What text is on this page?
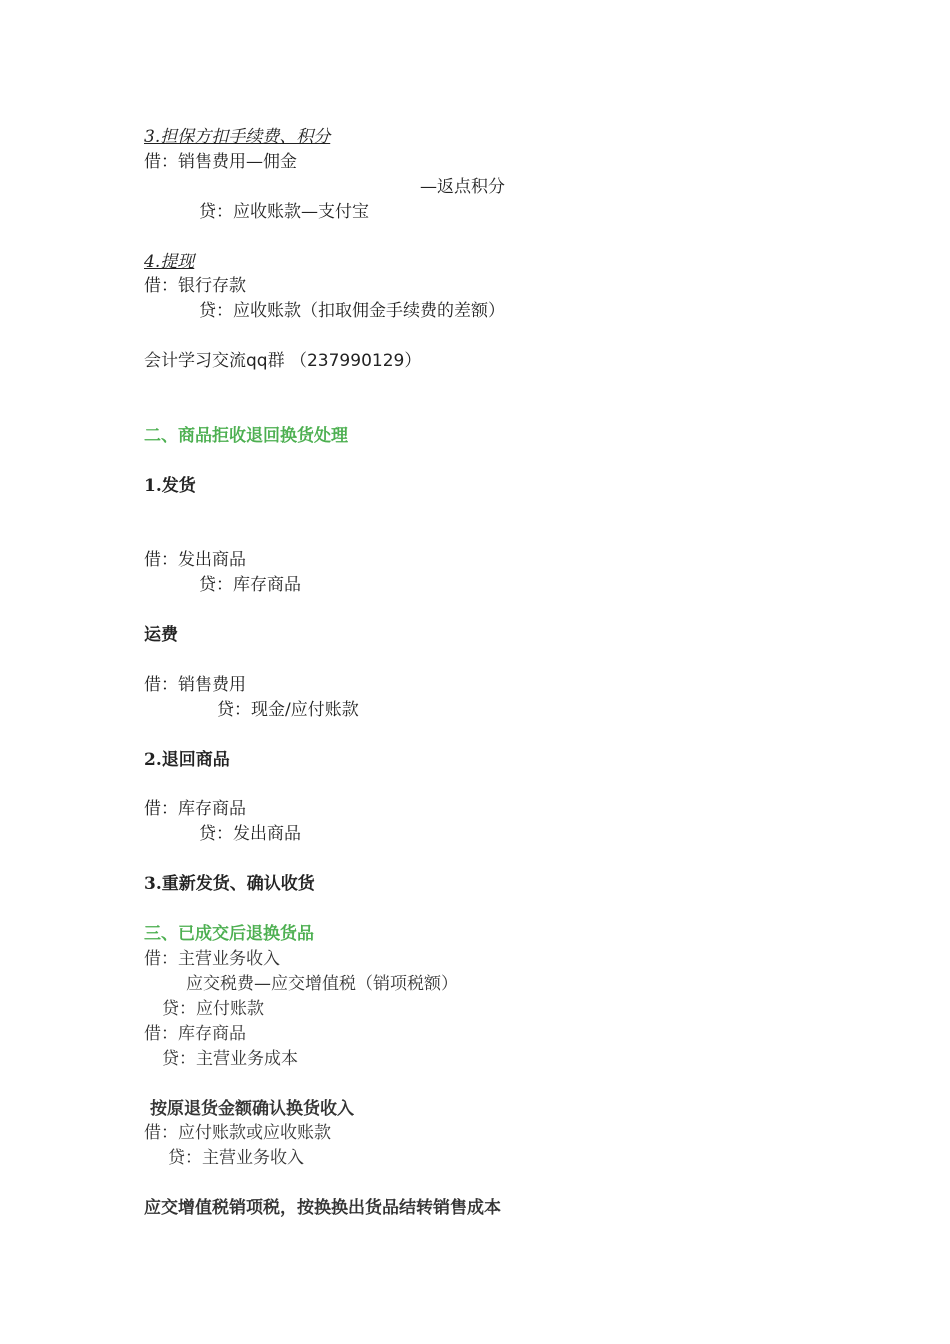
3.担保方扣手续费、积分
借：销售费用—佣金
—返点积分
贷：应收账款—支付宝
4.提现
借：银行存款
贷：应收账款（扣取佣金手续费的差额）
会计学习交流qq群 （237990129）
二、商品拒收退回换货处理
1.发货
借：发出商品
贷：库存商品
运费
借：销售费用
贷：现金/应付账款
2.退回商品
借：库存商品
贷：发出商品
3.重新发货、确认收货
三、已成交后退换货品
借：主营业务收入
应交税费—应交增值税（销项税额）
贷：应付账款
借：库存商品
贷：主营业务成本
按原退货金额确认换货收入
借：应付账款或应收账款
贷：主营业务收入
应交增值税销项税，按换换出货品结转销售成本
